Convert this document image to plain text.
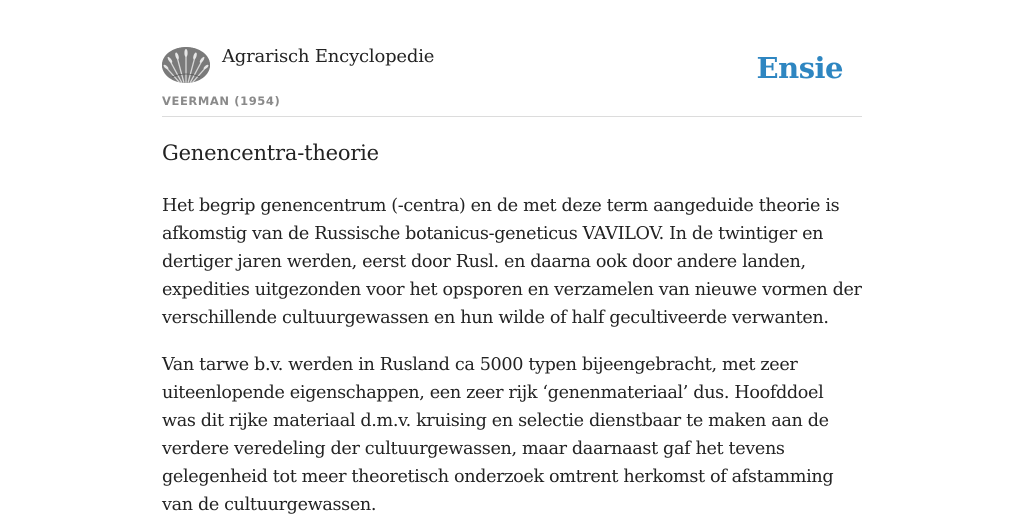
Agrarisch Encyclopedie	Ensie
VEERMAN (1954)
Genencentra-theorie

Het begrip genencentrum (-centra) en de met deze term aangeduide theorie is afkomstig van de Russische botanicus-geneticus VAVILOV. In de twintiger en dertiger jaren werden, eerst door Rusl. en daarna ook door andere landen, expedities uitgezonden voor het opsporen en verzamelen van nieuwe vormen der verschillende cultuurgewassen en hun wilde of half gecultiveerde verwanten.

Van tarwe b.v. werden in Rusland ca 5000 typen bijeengebracht, met zeer uiteenlopende eigenschappen, een zeer rijk ‘genenmateriaal’ dus. Hoofddoel was dit rijke materiaal d.m.v. kruising en selectie dienstbaar te maken aan de verdere veredeling der cultuurgewassen, maar daarnaast gaf het tevens gelegenheid tot meer theoretisch onderzoek omtrent herkomst of afstamming van de cultuurgewassen.
